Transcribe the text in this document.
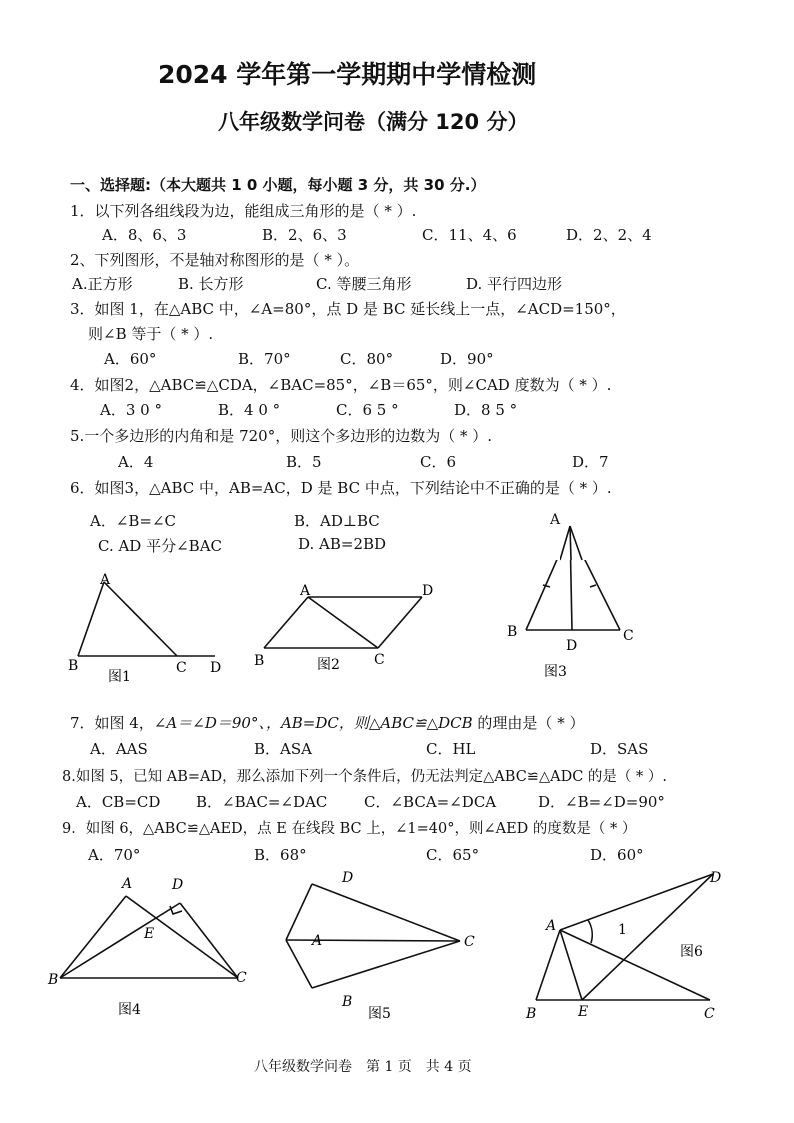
2024 学年第一学期期中学情检测
八年级数学问卷（满分 120 分）
一、选择题:（本大题共 1 0 小题，每小题 3 分，共 30 分.）
1．以下列各组线段为边，能组成三角形的是（ * ）.
A．8、6、3	B．2、6、3	C．11、4、6	D．2、2、4
2、下列图形，不是轴对称图形的是（ * ）。
A.正方形	B. 长方形	C. 等腰三角形	D. 平行四边形
3．如图 1，在△ABC 中，∠A=80°，点 D 是 BC 延长线上一点，∠ACD=150°，
则∠B 等于（ * ）.
A．60°	B．70°	C．80°	D．90°
4．如图2，△ABC≌△CDA，∠BAC=85°，∠B＝65°，则∠CAD 度数为（ * ）.
A．3 0 °	B．4 0 °	C．6 5 °	D．8 5 °
5.一个多边形的内角和是 720°，则这个多边形的边数为（ * ）.
A．4	B．5	C．6	D．7
6．如图3，△ABC 中，AB=AC，D 是 BC 中点，下列结论中不正确的是（ * ）.
A．∠B=∠C	B．AD⊥BC
C. AD 平分∠BAC	D. AB=2BD
A
B	C D
图1
A	D
B	C
图2
B
D
C
图3
A
7．如图 4，∠A＝∠D＝90°、，AB=DC，则△ABC≌△DCB 的理由是（ * ）
A．AAS	B．ASA	C．HL	D．SAS
8.如图 5，已知 AB=AD，那么添加下列一个条件后，仍无法判定△ABC≌△ADC 的是（ * ）.
A．CB=CD B．∠BAC=∠DAC C．∠BCA=∠DCA	D．∠B=∠D=90°
9．如图 6，△ABC≌△AED，点 E 在线段 BC 上，∠1=40°，则∠AED 的度数是（ * ）
A．70°	B．68°	C．65°	D．60°
A	D
E
B	C
图4
D
A	C
B
图5
A
D
1
图6
B	E	C
八年级数学问卷　第 1 页　共 4 页
